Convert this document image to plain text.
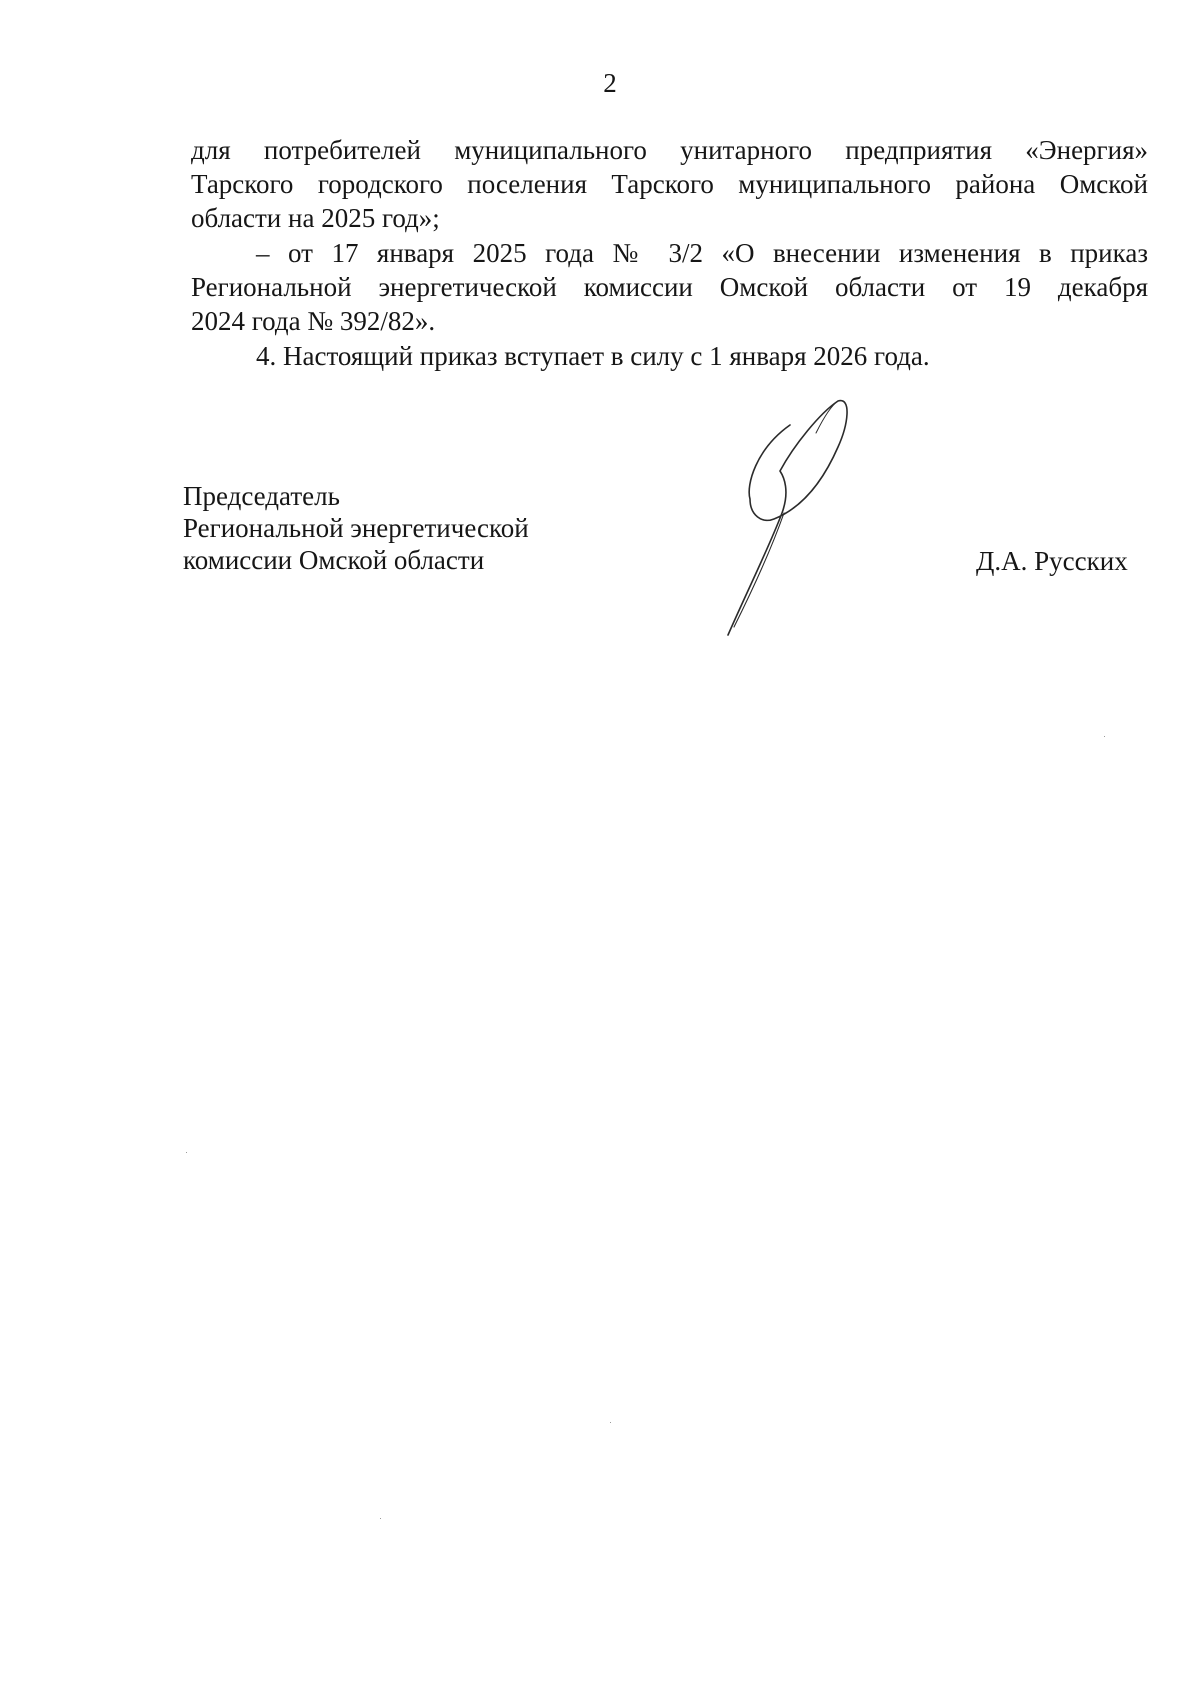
2
для потребителей муниципального унитарного предприятия «Энергия»
Тарского городского поселения Тарского муниципального района Омской
области на 2025 год»;
– от 17 января 2025 года № 3/2 «О внесении изменения в приказ
Региональной энергетической комиссии Омской области от 19 декабря
2024 года № 392/82».
4. Настоящий приказ вступает в силу с 1 января 2026 года.
Председатель
Региональной энергетической
комиссии Омской области	Д.А. Русских
